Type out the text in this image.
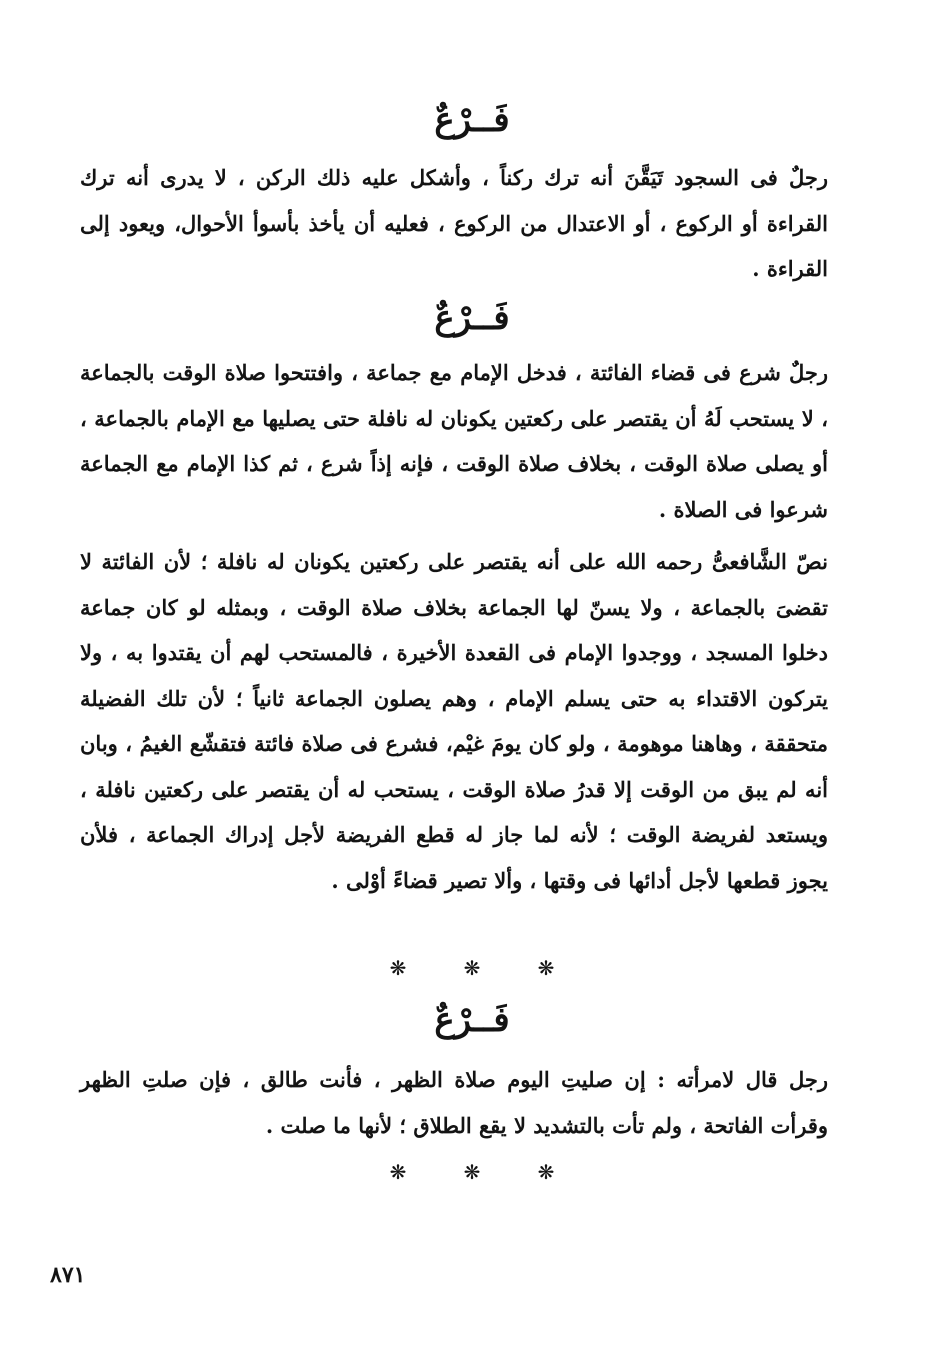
فَــرْعٌ
رجلٌ فى السجود تَيَقَّنَ أنه ترك ركناً ، وأشكل عليه ذلك الركن ، لا يدرى أنه ترك القراءة أو الركوع ، أو الاعتدال من الركوع ، فعليه أن يأخذ بأسوأ الأحوال، ويعود إلى القراءة .
فَــرْعٌ
رجلٌ شرع فى قضاء الفائتة ، فدخل الإمام مع جماعة ، وافتتحوا صلاة الوقت بالجماعة ، لا يستحب لَهُ أن يقتصر على ركعتين يكونان له نافلة حتى يصليها مع الإمام بالجماعة ، أو يصلى صلاة الوقت ، بخلاف صلاة الوقت ، فإنه إذاً شرع ، ثم كذا الإمام مع الجماعة شرعوا فى الصلاة .
نصّ الشَّافعىُّ رحمه الله على أنه يقتصر على ركعتين يكونان له نافلة ؛ لأن الفائتة لا تقضىَ بالجماعة ، ولا يسنّ لها الجماعة بخلاف صلاة الوقت ، وبمثله لو كان جماعة دخلوا المسجد ، ووجدوا الإمام فى القعدة الأخيرة ، فالمستحب لهم أن يقتدوا به ، ولا يتركون الاقتداء به حتى يسلم الإمام ، وهم يصلون الجماعة ثانياً ؛ لأن تلك الفضيلة متحققة ، وهاهنا موهومة ، ولو كان يومَ غيْم، فشرع فى صلاة فائتة فتقشّع الغيمُ ، وبان أنه لم يبق من الوقت إلا قدرُ صلاة الوقت ، يستحب له أن يقتصر على ركعتين نافلة ، ويستعد لفريضة الوقت ؛ لأنه لما جاز له قطع الفريضة لأجل إدراك الجماعة ، فلأن يجوز قطعها لأجل أدائها فى وقتها ، وألا تصير قضاءً أوْلى .
❋	❋	❋
فَــرْعٌ
رجل قال لامرأته : إن صليتِ اليوم صلاة الظهر ، فأنت طالق ، فإن صلتِ الظهر وقرأت الفاتحة ، ولم تأت بالتشديد لا يقع الطلاق ؛ لأنها ما صلت .
❋	❋	❋
٨٧١
